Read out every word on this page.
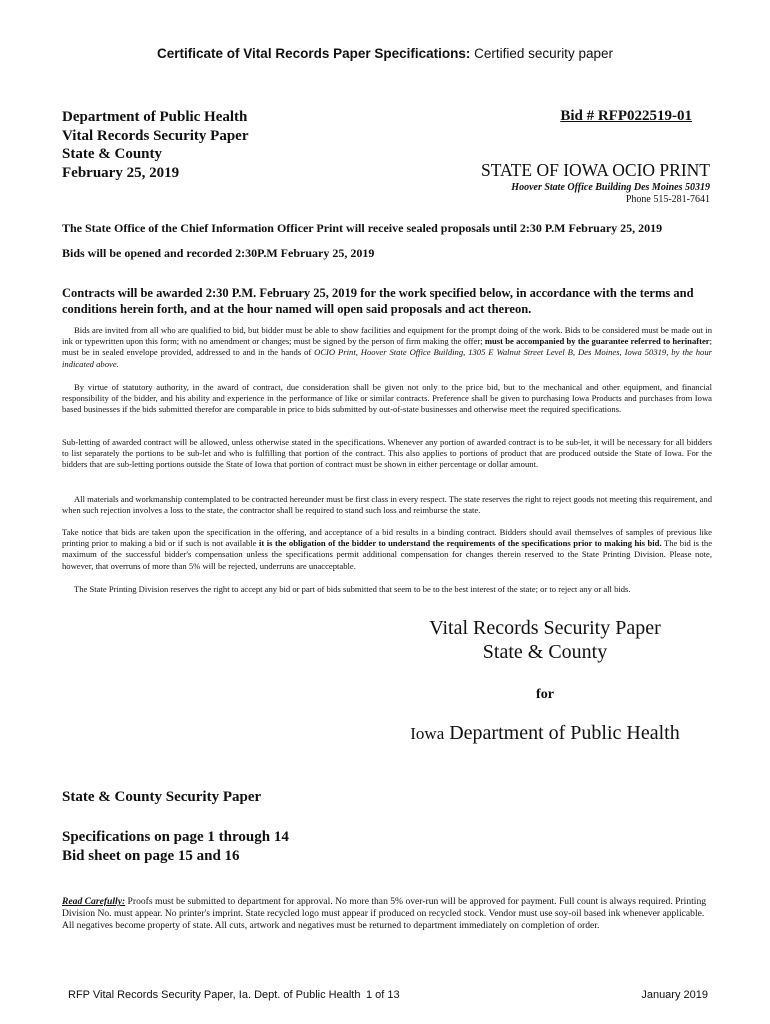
Certificate of Vital Records Paper Specifications: Certified security paper
Department of Public Health
Vital Records Security Paper
State & County
February 25, 2019
Bid # RFP022519-01
STATE OF IOWA OCIO PRINT
Hoover State Office Building Des Moines 50319
Phone 515-281-7641
The State Office of the Chief Information Officer Print will receive sealed proposals until 2:30 P.M February 25, 2019
Bids will be opened and recorded 2:30P.M February 25, 2019
Contracts will be awarded 2:30 P.M. February 25, 2019 for the work specified below, in accordance with the terms and conditions herein forth, and at the hour named will open said proposals and act thereon.
Bids are invited from all who are qualified to bid, but bidder must be able to show facilities and equipment for the prompt doing of the work. Bids to be considered must be made out in ink or typewritten upon this form; with no amendment or changes; must be signed by the person of firm making the offer; must be accompanied by the guarantee referred to herinafter; must be in sealed envelope provided, addressed to and in the hands of OCIO Print, Hoover State Office Building, 1305 E Walnut Street Level B, Des Moines, Iowa 50319, by the hour indicated above.
By virtue of statutory authority, in the award of contract, due consideration shall be given not only to the price bid, but to the mechanical and other equipment, and financial responsibility of the bidder, and his ability and experience in the performance of like or similar contracts. Preference shall be given to purchasing Iowa Products and purchases from Iowa based businesses if the bids submitted therefor are comparable in price to bids submitted by out-of-state businesses and otherwise meet the required specifications.
Sub-letting of awarded contract will be allowed, unless otherwise stated in the specifications. Whenever any portion of awarded contract is to be sub-let, it will be necessary for all bidders to list separately the portions to be sub-let and who is fulfilling that portion of the contract. This also applies to portions of product that are produced outside the State of Iowa. For the bidders that are sub-letting portions outside the State of Iowa that portion of contract must be shown in either percentage or dollar amount.
All materials and workmanship contemplated to be contracted hereunder must be first class in every respect. The state reserves the right to reject goods not meeting this requirement, and when such rejection involves a loss to the state, the contractor shall be required to stand such loss and reimburse the state.
Take notice that bids are taken upon the specification in the offering, and acceptance of a bid results in a binding contract. Bidders should avail themselves of samples of previous like printing prior to making a bid or if such is not available it is the obligation of the bidder to understand the requirements of the specifications prior to making his bid. The bid is the maximum of the successful bidder's compensation unless the specifications permit additional compensation for changes therein reserved to the State Printing Division. Please note, however, that overruns of more than 5% will be rejected, underruns are unacceptable.
The State Printing Division reserves the right to accept any bid or part of bids submitted that seem to be to the best interest of the state; or to reject any or all bids.
Vital Records Security Paper
State & County
for
Iowa Department of Public Health
State & County Security Paper
Specifications on page 1 through 14
Bid sheet on page 15 and 16
Read Carefully: Proofs must be submitted to department for approval. No more than 5% over-run will be approved for payment. Full count is always required. Printing Division No. must appear. No printer's imprint. State recycled logo must appear if produced on recycled stock. Vendor must use soy-oil based ink whenever applicable. All negatives become property of state. All cuts, artwork and negatives must be returned to department immediately on completion of order.
RFP Vital Records Security Paper, Ia. Dept. of Public Health 1 of 13	January 2019
